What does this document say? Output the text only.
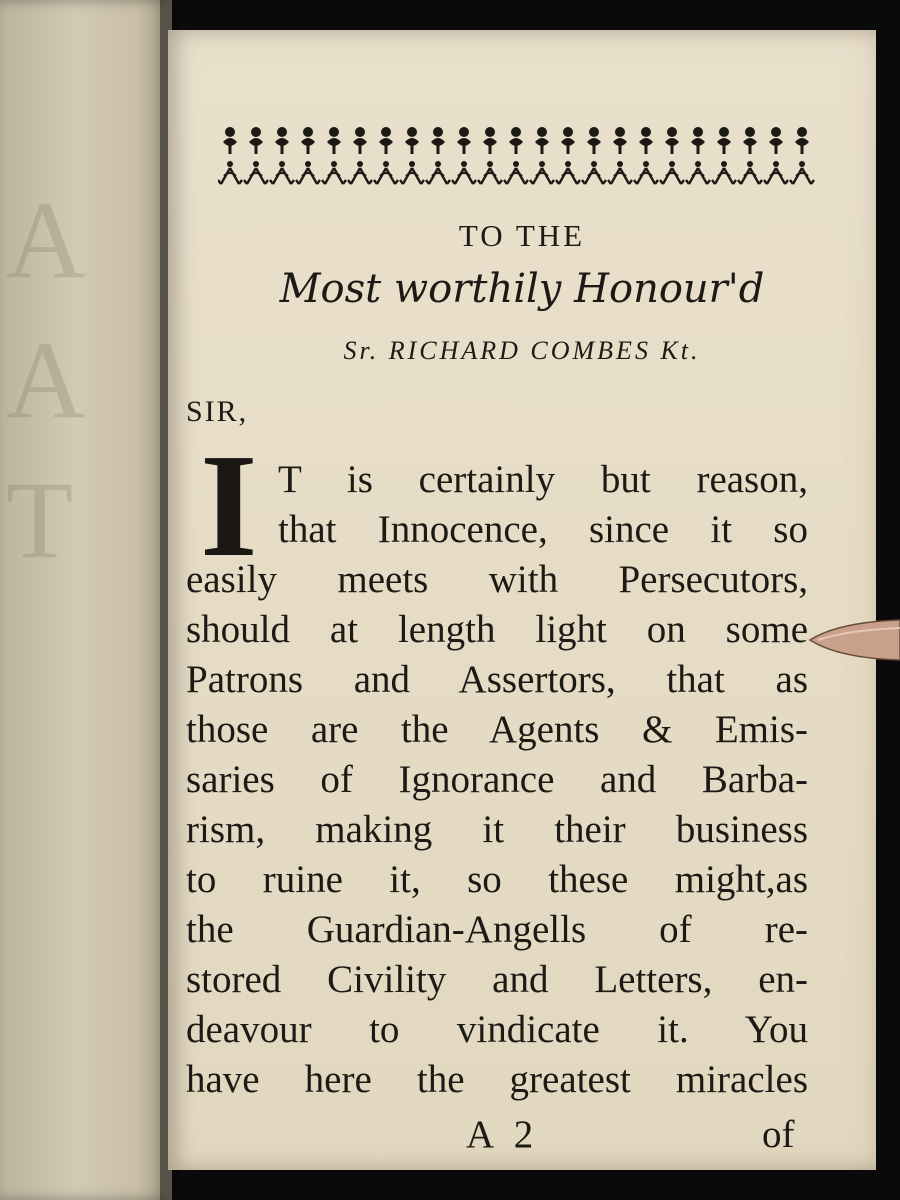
A
A
T
TO THE
Most worthily Honour'd
Sr. RICHARD COMBES Kt.
SIR,
I T is certainly but reason,
that Innocence, since it so
easily meets with Persecutors,
should at length light on some
Patrons and Assertors, that as
those are the Agents & Emis-
saries of Ignorance and Barba-
rism, making it their business
to ruine it, so these might,as
the Guardian-Angells of re-
stored Civility and Letters, en-
deavour to vindicate it. You
have here the greatest miracles
A 2	of
